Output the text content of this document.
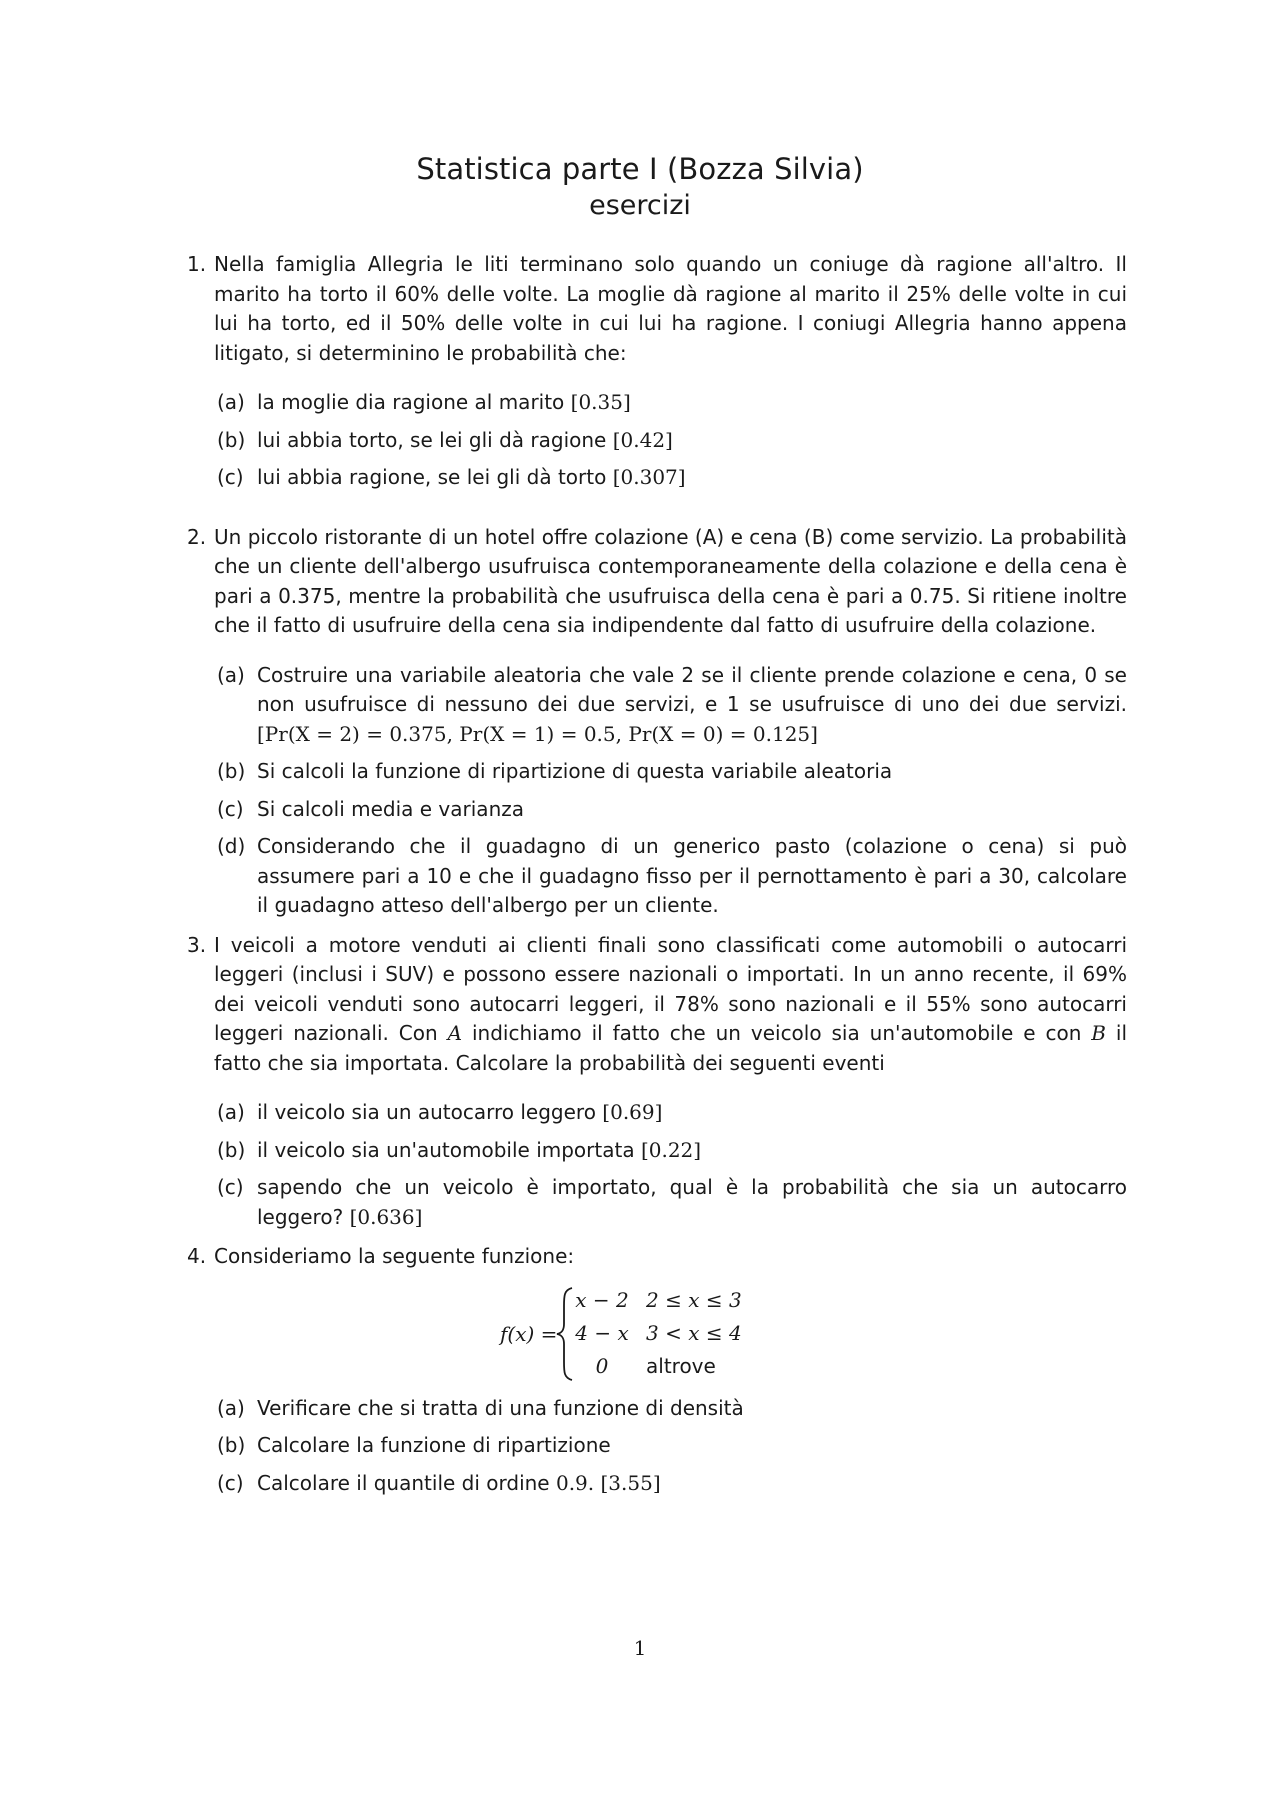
Statistica parte I (Bozza Silvia)
esercizi
1. Nella famiglia Allegria le liti terminano solo quando un coniuge dà ragione all'altro. Il marito ha torto il 60% delle volte. La moglie dà ragione al marito il 25% delle volte in cui lui ha torto, ed il 50% delle volte in cui lui ha ragione. I coniugi Allegria hanno appena litigato, si determinino le probabilità che:
(a) la moglie dia ragione al marito [0.35]
(b) lui abbia torto, se lei gli dà ragione [0.42]
(c) lui abbia ragione, se lei gli dà torto [0.307]
2. Un piccolo ristorante di un hotel offre colazione (A) e cena (B) come servizio. La probabilità che un cliente dell'albergo usufruisca contemporaneamente della colazione e della cena è pari a 0.375, mentre la probabilità che usufruisca della cena è pari a 0.75. Si ritiene inoltre che il fatto di usufruire della cena sia indipendente dal fatto di usufruire della colazione.
(a) Costruire una variabile aleatoria che vale 2 se il cliente prende colazione e cena, 0 se non usufruisce di nessuno dei due servizi, e 1 se usufruisce di uno dei due servizi. [Pr(X = 2) = 0.375, Pr(X = 1) = 0.5, Pr(X = 0) = 0.125]
(b) Si calcoli la funzione di ripartizione di questa variabile aleatoria
(c) Si calcoli media e varianza
(d) Considerando che il guadagno di un generico pasto (colazione o cena) si può assumere pari a 10 e che il guadagno fisso per il pernottamento è pari a 30, calcolare il guadagno atteso dell'albergo per un cliente.
3. I veicoli a motore venduti ai clienti finali sono classificati come automobili o autocarri leggeri (inclusi i SUV) e possono essere nazionali o importati. In un anno recente, il 69% dei veicoli venduti sono autocarri leggeri, il 78% sono nazionali e il 55% sono autocarri leggeri nazionali. Con A indichiamo il fatto che un veicolo sia un'automobile e con B il fatto che sia importata. Calcolare la probabilità dei seguenti eventi
(a) il veicolo sia un autocarro leggero [0.69]
(b) il veicolo sia un'automobile importata [0.22]
(c) sapendo che un veicolo è importato, qual è la probabilità che sia un autocarro leggero? [0.636]
4. Consideriamo la seguente funzione:
f(x) =
x − 2 2 ≤ x ≤ 3
4 − x 3 < x ≤ 4
0	altrove
(a) Verificare che si tratta di una funzione di densità
(b) Calcolare la funzione di ripartizione
(c) Calcolare il quantile di ordine 0.9. [3.55]
1
